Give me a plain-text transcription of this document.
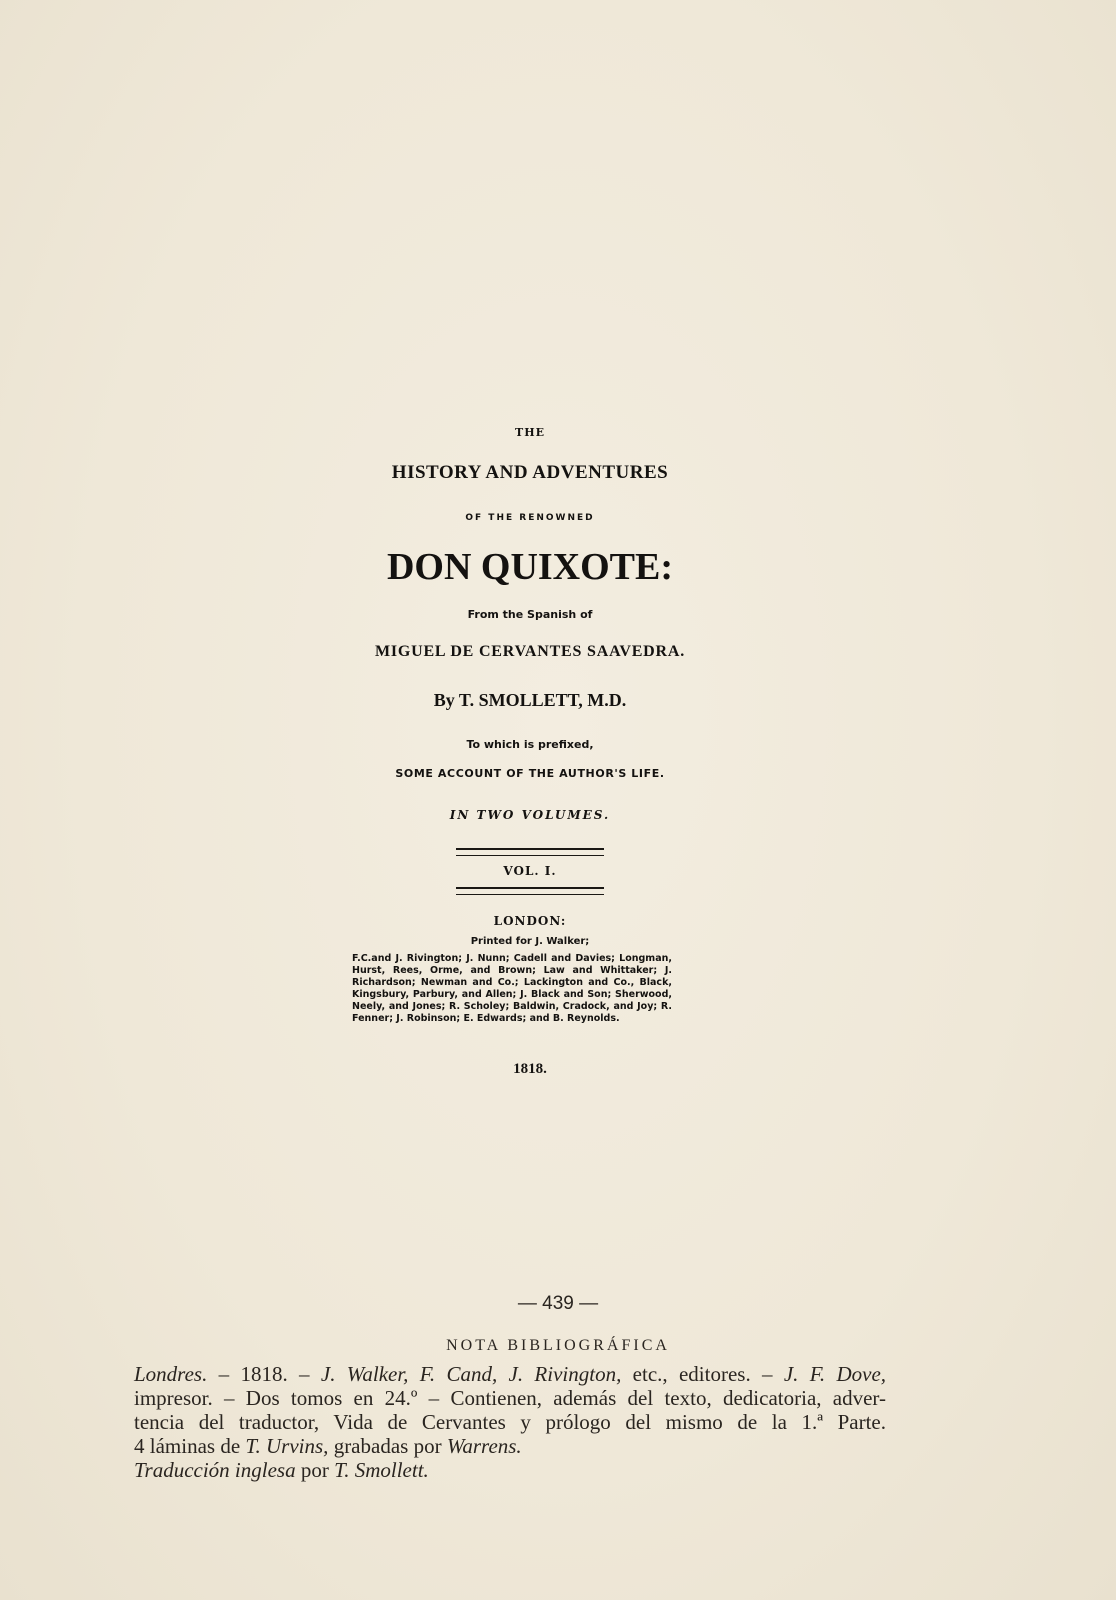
THE
HISTORY AND ADVENTURES
OF THE RENOWNED
DON QUIXOTE:
From the Spanish of
MIGUEL DE CERVANTES SAAVEDRA.
By T. SMOLLETT, M.D.
To which is prefixed,
SOME ACCOUNT OF THE AUTHOR'S LIFE.
IN TWO VOLUMES.
VOL. I.
LONDON:
Printed for J. Walker;
F.C.and J. Rivington; J. Nunn; Cadell and Davies; Longman, Hurst, Rees, Orme, and Brown; Law and Whittaker; J. Richardson; Newman and Co.; Lackington and Co., Black, Kingsbury, Parbury, and Allen; J. Black and Son; Sherwood, Neely, and Jones; R. Scholey; Baldwin, Cradock, and Joy; R. Fenner; J. Robinson; E. Edwards; and B. Reynolds.
1818.
— 439 —
NOTA BIBLIOGRÁFICA
Londres. – 1818. – J. Walker, F. Cand, J. Rivington, etc., editores. – J. F. Dove,
impresor. – Dos tomos en 24.º – Contienen, además del texto, dedicatoria, adver-
tencia del traductor, Vida de Cervantes y prólogo del mismo de la 1.ª Parte.
4 láminas de T. Urvins, grabadas por Warrens.
Traducción inglesa por T. Smollett.
